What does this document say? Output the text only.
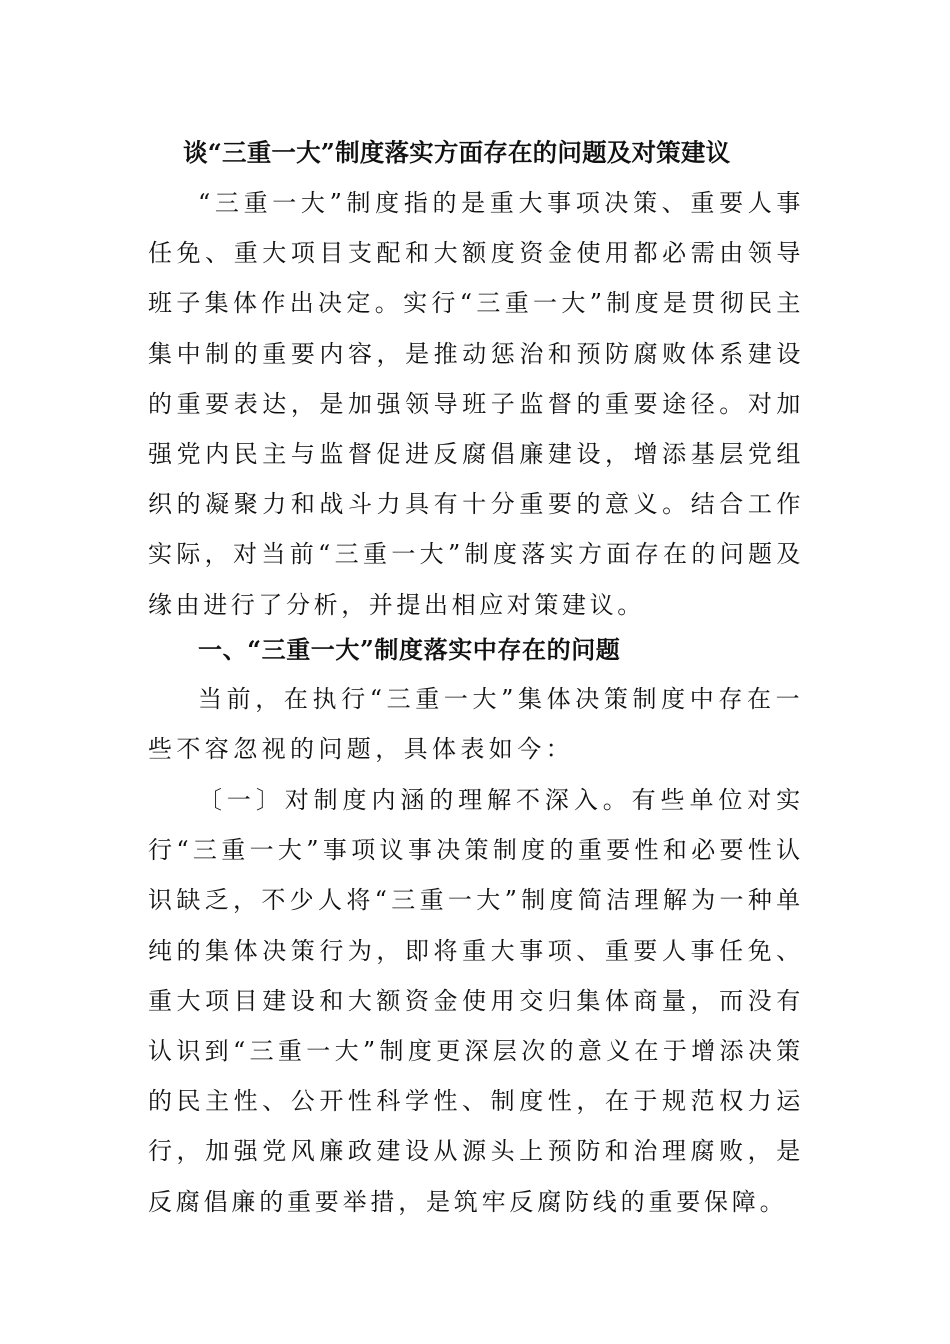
谈“三重一大”制度落实方面存在的问题及对策建议

“三重一大”制度指的是重大事项决策、重要人事任免、重大项目支配和大额度资金使用都必需由领导班子集体作出决定。实行“三重一大”制度是贯彻民主集中制的重要内容，是推动惩治和预防腐败体系建设的重要表达，是加强领导班子监督的重要途径。对加强党内民主与监督促进反腐倡廉建设，增添基层党组织的凝聚力和战斗力具有十分重要的意义。结合工作实际，对当前“三重一大”制度落实方面存在的问题及缘由进行了分析，并提出相应对策建议。

一、“三重一大”制度落实中存在的问题

当前，在执行“三重一大”集体决策制度中存在一些不容忽视的问题，具体表如今：

〔一〕对制度内涵的理解不深入。有些单位对实行“三重一大”事项议事决策制度的重要性和必要性认识缺乏，不少人将“三重一大”制度简洁理解为一种单纯的集体决策行为，即将重大事项、重要人事任免、重大项目建设和大额资金使用交归集体商量，而没有认识到“三重一大”制度更深层次的意义在于增添决策的民主性、公开性科学性、制度性，在于规范权力运行，加强党风廉政建设从源头上预防和治理腐败，是反腐倡廉的重要举措，是筑牢反腐防线的重要保障。
